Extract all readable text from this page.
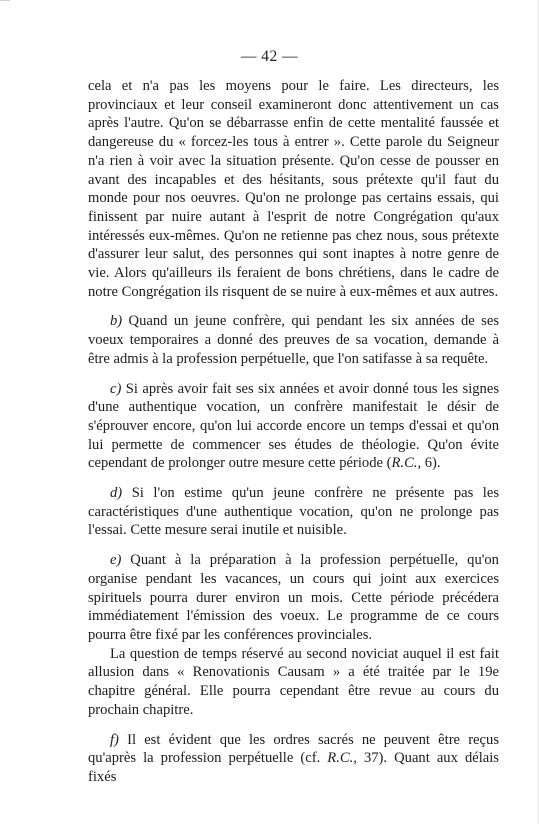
— 42 —

cela et n'a pas les moyens pour le faire. Les directeurs, les provinciaux et leur conseil examineront donc attentivement un cas après l'autre. Qu'on se débarrasse enfin de cette mentalité faussée et dangereuse du « forcez-les tous à entrer ». Cette parole du Seigneur n'a rien à voir avec la situation présente. Qu'on cesse de pousser en avant des incapables et des hésitants, sous prétexte qu'il faut du monde pour nos oeuvres. Qu'on ne prolonge pas certains essais, qui finissent par nuire autant à l'esprit de notre Congrégation qu'aux intéressés eux-mêmes. Qu'on ne retienne pas chez nous, sous prétexte d'assurer leur salut, des personnes qui sont inaptes à notre genre de vie. Alors qu'ailleurs ils feraient de bons chrétiens, dans le cadre de notre Congrégation ils risquent de se nuire à eux-mêmes et aux autres.

b) Quand un jeune confrère, qui pendant les six années de ses voeux temporaires a donné des preuves de sa vocation, demande à être admis à la profession perpétuelle, que l'on satifasse à sa requête.

c) Si après avoir fait ses six années et avoir donné tous les signes d'une authentique vocation, un confrère manifestait le désir de s'éprouver encore, qu'on lui accorde encore un temps d'essai et qu'on lui permette de commencer ses études de théologie. Qu'on évite cependant de prolonger outre mesure cette période (R.C., 6).

d) Si l'on estime qu'un jeune confrère ne présente pas les caractéristiques d'une authentique vocation, qu'on ne prolonge pas l'essai. Cette mesure serai inutile et nuisible.

e) Quant à la préparation à la profession perpétuelle, qu'on organise pendant les vacances, un cours qui joint aux exercices spirituels pourra durer environ un mois. Cette période précédera immédiatement l'émission des voeux. Le programme de ce cours pourra être fixé par les conférences provinciales.

La question de temps réservé au second noviciat auquel il est fait allusion dans « Renovationis Causam » a été traitée par le 19e chapitre général. Elle pourra cependant être revue au cours du prochain chapitre.

f) Il est évident que les ordres sacrés ne peuvent être reçus qu'après la profession perpétuelle (cf. R.C., 37). Quant aux délais fixés
